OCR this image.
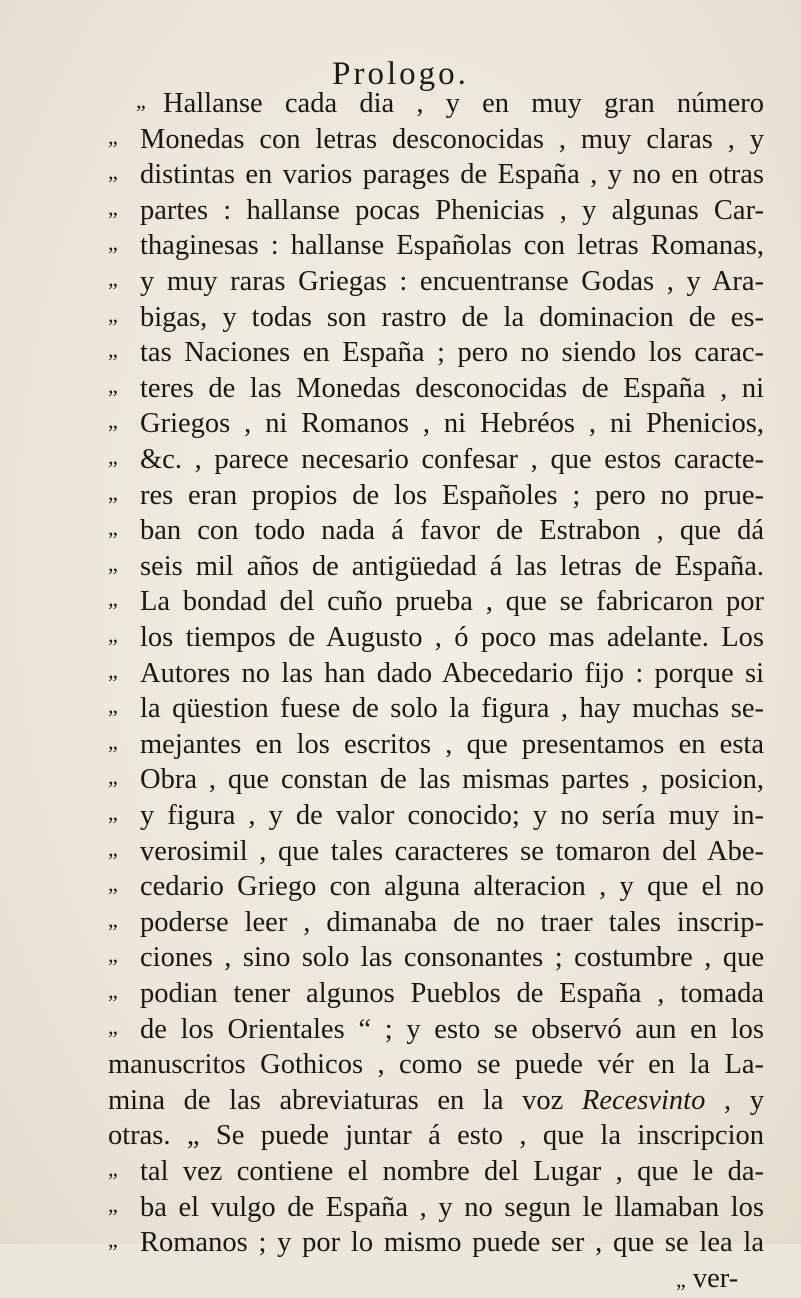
Prologo.
„ Hallanse cada dia , y en muy gran número
„ Monedas con letras desconocidas , muy claras , y
„ distintas en varios parages de España , y no en otras
„ partes : hallanse pocas Phenicias , y algunas Car-
„ thaginesas : hallanse Españolas con letras Romanas,
„ y muy raras Griegas : encuentranse Godas , y Ara-
„ bigas, y todas son rastro de la dominacion de es-
„ tas Naciones en España ; pero no siendo los carac-
„ teres de las Monedas desconocidas de España , ni
„ Griegos , ni Romanos , ni Hebréos , ni Phenicios,
„ &c. , parece necesario confesar , que estos caracte-
„ res eran propios de los Españoles ; pero no prue-
„ ban con todo nada á favor de Estrabon , que dá
„ seis mil años de antigüedad á las letras de España.
„ La bondad del cuño prueba , que se fabricaron por
„ los tiempos de Augusto , ó poco mas adelante. Los
„ Autores no las han dado Abecedario fijo : porque si
„ la qüestion fuese de solo la figura , hay muchas se-
„ mejantes en los escritos , que presentamos en esta
„ Obra , que constan de las mismas partes , posicion,
„ y figura , y de valor conocido; y no sería muy in-
„ verosimil , que tales caracteres se tomaron del Abe-
„ cedario Griego con alguna alteracion , y que el no
„ poderse leer , dimanaba de no traer tales inscrip-
„ ciones , sino solo las consonantes ; costumbre , que
„ podian tener algunos Pueblos de España , tomada
„ de los Orientales “ ; y esto se observó aun en los
manuscritos Gothicos , como se puede vér en la La-
mina de las abreviaturas en la voz Recesvinto , y
otras. „ Se puede juntar á esto , que la inscripcion
„ tal vez contiene el nombre del Lugar , que le da-
„ ba el vulgo de España , y no segun le llamaban los
„ Romanos ; y por lo mismo puede ser , que se lea la
„ ver-
